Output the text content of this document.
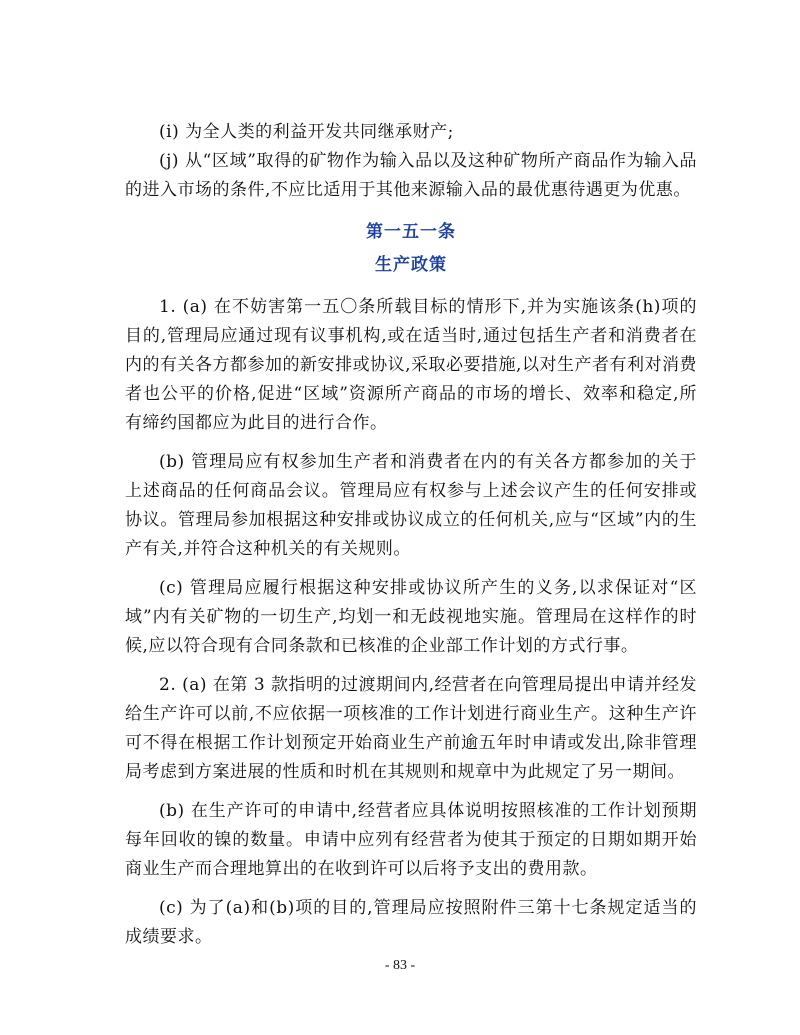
(i) 为全人类的利益开发共同继承财产;

(j) 从“区域”取得的矿物作为输入品以及这种矿物所产商品作为输入品的进入市场的条件,不应比适用于其他来源输入品的最优惠待遇更为优惠。

第一五一条

生产政策

1. (a) 在不妨害第一五〇条所载目标的情形下,并为实施该条(h)项的目的,管理局应通过现有议事机构,或在适当时,通过包括生产者和消费者在内的有关各方都参加的新安排或协议,采取必要措施,以对生产者有利对消费者也公平的价格,促进“区域”资源所产商品的市场的增长、效率和稳定,所有缔约国都应为此目的进行合作。

(b) 管理局应有权参加生产者和消费者在内的有关各方都参加的关于上述商品的任何商品会议。管理局应有权参与上述会议产生的任何安排或协议。管理局参加根据这种安排或协议成立的任何机关,应与“区域”内的生产有关,并符合这种机关的有关规则。

(c) 管理局应履行根据这种安排或协议所产生的义务,以求保证对“区域”内有关矿物的一切生产,均划一和无歧视地实施。管理局在这样作的时候,应以符合现有合同条款和已核准的企业部工作计划的方式行事。

2. (a) 在第 3 款指明的过渡期间内,经营者在向管理局提出申请并经发给生产许可以前,不应依据一项核准的工作计划进行商业生产。这种生产许可不得在根据工作计划预定开始商业生产前逾五年时申请或发出,除非管理局考虑到方案进展的性质和时机在其规则和规章中为此规定了另一期间。

(b) 在生产许可的申请中,经营者应具体说明按照核准的工作计划预期每年回收的镍的数量。申请中应列有经营者为使其于预定的日期如期开始商业生产而合理地算出的在收到许可以后将予支出的费用款。

(c) 为了(a)和(b)项的目的,管理局应按照附件三第十七条规定适当的成绩要求。

- 83 -
